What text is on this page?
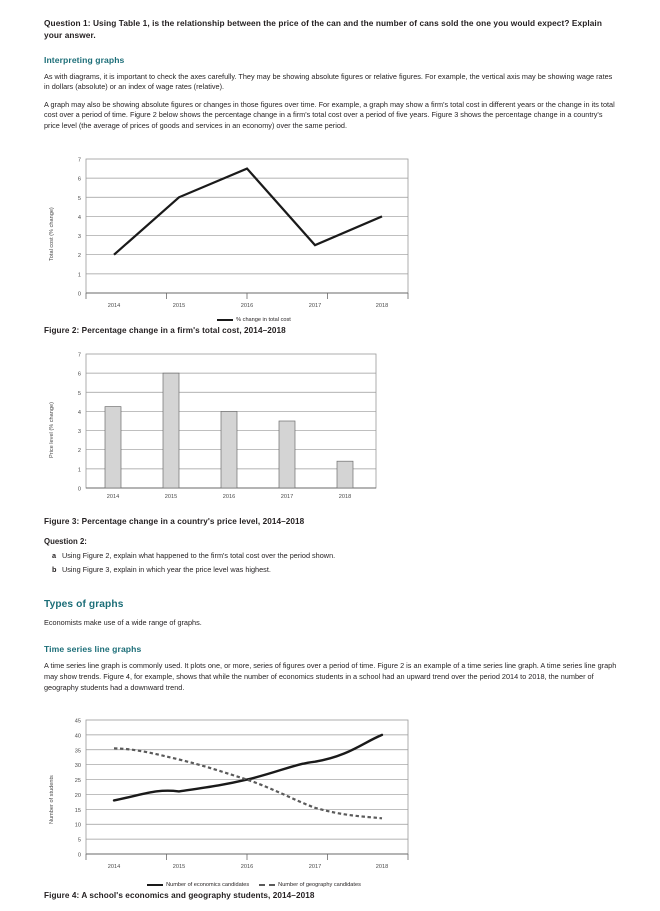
Question 1: Using Table 1, is the relationship between the price of the can and the number of cans sold the one you would expect? Explain your answer.

Interpreting graphs

As with diagrams, it is important to check the axes carefully. They may be showing absolute figures or relative figures. For example, the vertical axis may be showing wage rates in dollars (absolute) or an index of wage rates (relative).

A graph may also be showing absolute figures or changes in those figures over time. For example, a graph may show a firm's total cost in different years or the change in its total cost over a period of time. Figure 2 below shows the percentage change in a firm's total cost over a period of five years. Figure 3 shows the percentage change in a country's price level (the average of prices of goods and services in an economy) over the same period.

Total cost (% change)
7
6
5
4
3
2
1
0
2014	2015	2016	2017	2018
% change in total cost

Figure 2: Percentage change in a firm's total cost, 2014–2018

Price level (% change)
7
6
5
4
3
2
1
0
2014	2015	2016	2017	2018

Figure 3: Percentage change in a country's price level, 2014–2018

Question 2:

a Using Figure 2, explain what happened to the firm's total cost over the period shown.
b Using Figure 3, explain in which year the price level was highest.
Types of graphs

Economists make use of a wide range of graphs.

Time series line graphs

A time series line graph is commonly used. It plots one, or more, series of figures over a period of time. Figure 2 is an example of a time series line graph. A time series line graph may show trends. Figure 4, for example, shows that while the number of economics students in a school had an upward trend over the period 2014 to 2018, the number of geography students had a downward trend.

Number of students
45
40
35
30
25
20
15
10
5
0
2014	2015	2016	2017	2018
Number of economics candidates	Number of geography candidates

Figure 4: A school's economics and geography students, 2014–2018
